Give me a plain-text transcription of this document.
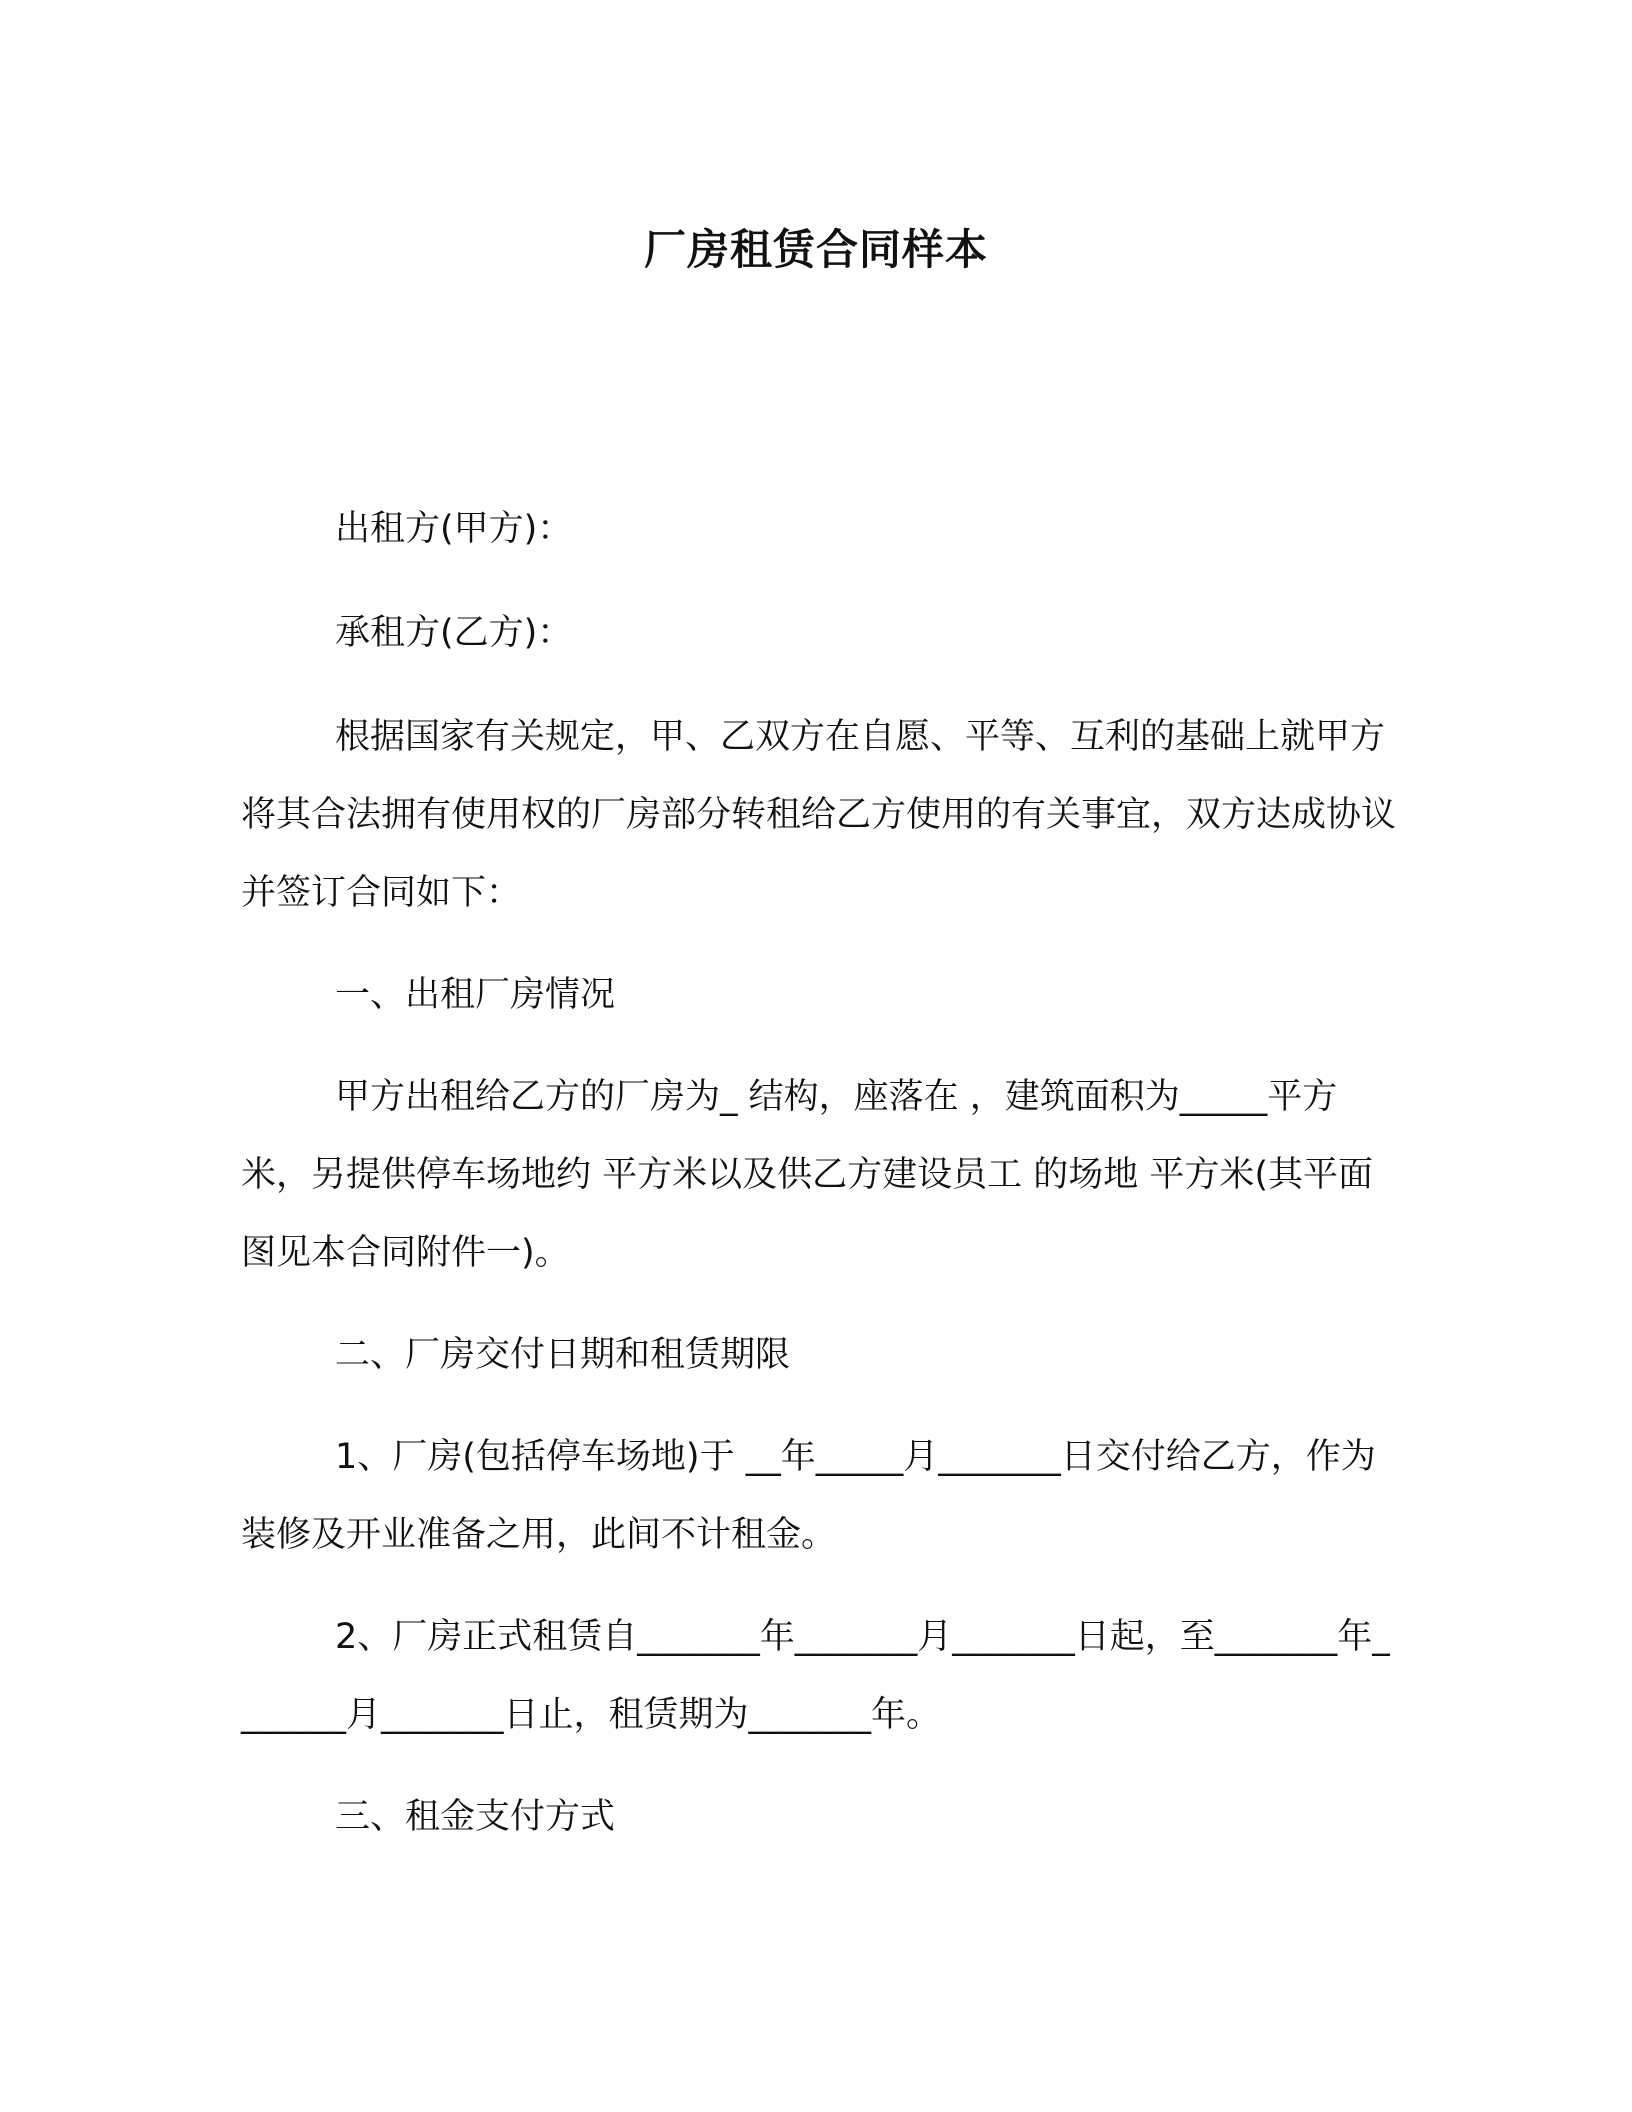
厂房租赁合同样本

出租方(甲方)：

承租方(乙方)：

根据国家有关规定，甲、乙双方在自愿、平等、互利的基础上就甲方将其合法拥有使用权的厂房部分转租给乙方使用的有关事宜，双方达成协议并签订合同如下：

一、出租厂房情况

甲方出租给乙方的厂房为_ 结构，座落在 ，建筑面积为_____平方米，另提供停车场地约 平方米以及供乙方建设员工 的场地 平方米(其平面图见本合同附件一)。

二、厂房交付日期和租赁期限

1、厂房(包括停车场地)于 __年_____月_______日交付给乙方，作为装修及开业准备之用，此间不计租金。

2、厂房正式租赁自_______年_______月_______日起，至_______年_______月_______日止，租赁期为_______年。

三、租金支付方式
